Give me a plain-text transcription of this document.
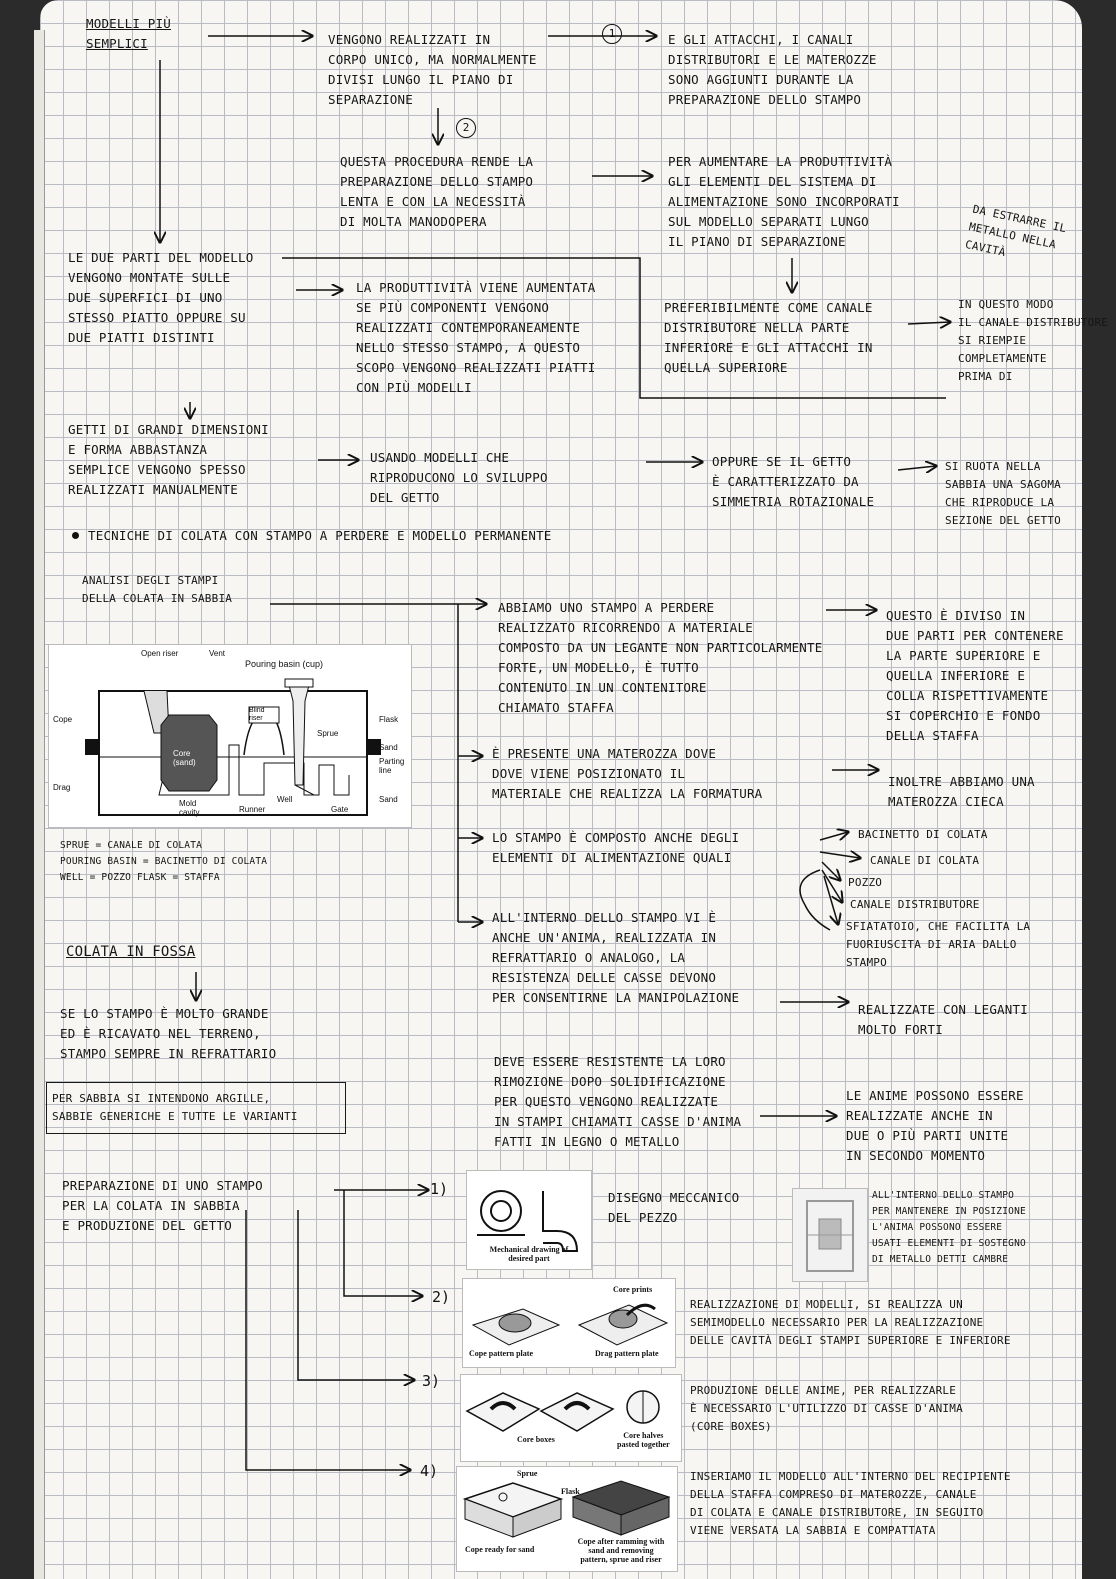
MODELLI PIÙ
SEMPLICI	VENGONO REALIZZATI IN
CORPO UNICO, MA NORMALMENTE
DIVISI LUNGO IL PIANO DI
SEPARAZIONE
E GLI ATTACCHI, I CANALI
DISTRIBUTORI E LE MATEROZZE
SONO AGGIUNTI DURANTE LA
PREPARAZIONE DELLO STAMPO
QUESTA PROCEDURA RENDE LA
PREPARAZIONE DELLO STAMPO
LENTA E CON LA NECESSITÀ
DI MOLTA MANODOPERA
PER AUMENTARE LA PRODUTTIVITÀ
GLI ELEMENTI DEL SISTEMA DI
ALIMENTAZIONE SONO INCORPORATI
SUL MODELLO SEPARATI LUNGO
IL PIANO DI SEPARAZIONE
DA ESTRARRE IL
METALLO NELLA
CAVITÀ
LE DUE PARTI DEL MODELLO
VENGONO MONTATE SULLE
DUE SUPERFICI DI UNO
STESSO PIATTO OPPURE SU
DUE PIATTI DISTINTI
LA PRODUTTIVITÀ VIENE AUMENTATA
SE PIÙ COMPONENTI VENGONO
REALIZZATI CONTEMPORANEAMENTE
NELLO STESSO STAMPO, A QUESTO
SCOPO VENGONO REALIZZATI PIATTI
CON PIÙ MODELLI
PREFERIBILMENTE COME CANALE
DISTRIBUTORE NELLA PARTE
INFERIORE E GLI ATTACCHI IN
QUELLA SUPERIORE
IN QUESTO MODO
IL CANALE DISTRIBUTORE
SI RIEMPIE
COMPLETAMENTE
PRIMA DI
GETTI DI GRANDI DIMENSIONI
E FORMA ABBASTANZA
SEMPLICE VENGONO SPESSO
REALIZZATI MANUALMENTE
USANDO MODELLI CHE
RIPRODUCONO LO SVILUPPO
DEL GETTO
OPPURE SE IL GETTO
È CARATTERIZZATO DA
SIMMETRIA ROTAZIONALE
SI RUOTA NELLA
SABBIA UNA SAGOMA
CHE RIPRODUCE LA
SEZIONE DEL GETTO
TECNICHE DI COLATA CON STAMPO A PERDERE E MODELLO PERMANENTE
ANALISI DEGLI STAMPI
DELLA COLATA IN SABBIA
ABBIAMO UNO STAMPO A PERDERE
REALIZZATO RICORRENDO A MATERIALE
COMPOSTO DA UN LEGANTE NON PARTICOLARMENTE
FORTE, UN MODELLO, È TUTTO
CONTENUTO IN UN CONTENITORE
CHIAMATO STAFFA
QUESTO È DIVISO IN
DUE PARTI PER CONTENERE
LA PARTE SUPERIORE E
QUELLA INFERIORE E
COLLA RISPETTIVAMENTE
SI COPERCHIO E FONDO
DELLA STAFFA
È PRESENTE UNA MATEROZZA DOVE
DOVE VIENE POSIZIONATO IL
MATERIALE CHE REALIZZA LA FORMATURA
INOLTRE ABBIAMO UNA
MATEROZZA CIECA
LO STAMPO È COMPOSTO ANCHE DEGLI
ELEMENTI DI ALIMENTAZIONE QUALI
BACINETTO DI COLATA
CANALE DI COLATA
POZZO
CANALE DISTRIBUTORE
SFIATATOIO, CHE FACILITA LA
FUORIUSCITA DI ARIA DALLO
STAMPO
SPRUE = CANALE DI COLATA
POURING BASIN = BACINETTO DI COLATA
WELL = POZZO FLASK = STAFFA
ALL'INTERNO DELLO STAMPO VI È
ANCHE UN'ANIMA, REALIZZATA IN
REFRATTARIO O ANALOGO, LA
RESISTENZA DELLE CASSE DEVONO
PER CONSENTIRNE LA MANIPOLAZIONE
REALIZZATE CON LEGANTI
MOLTO FORTI
COLATA IN FOSSA
SE LO STAMPO È MOLTO GRANDE
ED È RICAVATO NEL TERRENO,
STAMPO SEMPRE IN REFRATTARIO
DEVE ESSERE RESISTENTE LA LORO
RIMOZIONE DOPO SOLIDIFICAZIONE
PER QUESTO VENGONO REALIZZATE
IN STAMPI CHIAMATI CASSE D'ANIMA
FATTI IN LEGNO O METALLO
LE ANIME POSSONO ESSERE
REALIZZATE ANCHE IN
DUE O PIÙ PARTI UNITE
IN SECONDO MOMENTO
PER SABBIA SI INTENDONO ARGILLE,
SABBIE GENERICHE E TUTTE LE VARIANTI
PREPARAZIONE DI UNO STAMPO
PER LA COLATA IN SABBIA
E PRODUZIONE DEL GETTO
DISEGNO MECCANICO
DEL PEZZO
ALL'INTERNO DELLO STAMPO
PER MANTENERE IN POSIZIONE
L'ANIMA POSSONO ESSERE
USATI ELEMENTI DI SOSTEGNO
DI METALLO DETTI CAMBRE
REALIZZAZIONE DI MODELLI, SI REALIZZA UN
SEMIMODELLO NECESSARIO PER LA REALIZZAZIONE
DELLE CAVITÀ DEGLI STAMPI SUPERIORE E INFERIORE
PRODUZIONE DELLE ANIME, PER REALIZZARLE
È NECESSARIO L'UTILIZZO DI CASSE D'ANIMA
(CORE BOXES)
INSERIAMO IL MODELLO ALL'INTERNO DEL RECIPIENTE
DELLA STAFFA COMPRESO DI MATEROZZE, CANALE
DI COLATA E CANALE DISTRIBUTORE, IN SEGUITO
VIENE VERSATA LA SABBIA E COMPATTATA
1
2
1)
2)
3)
4)
Open riser	Vent
Pouring basin (cup)
Cope
Drag
Core
(sand)
Blind
riser
Sprue
Flask
Sand
Parting
line
Sand
Mold
cavity	Runner
Well
Gate
Mechanical drawing of
desired part
Cope pattern plate	Drag pattern plate
Core prints
Core boxes	Core halves
pasted together
Cope ready for sand
Cope after ramming with
sand and removing
pattern, sprue and riser
Flask
Sprue
